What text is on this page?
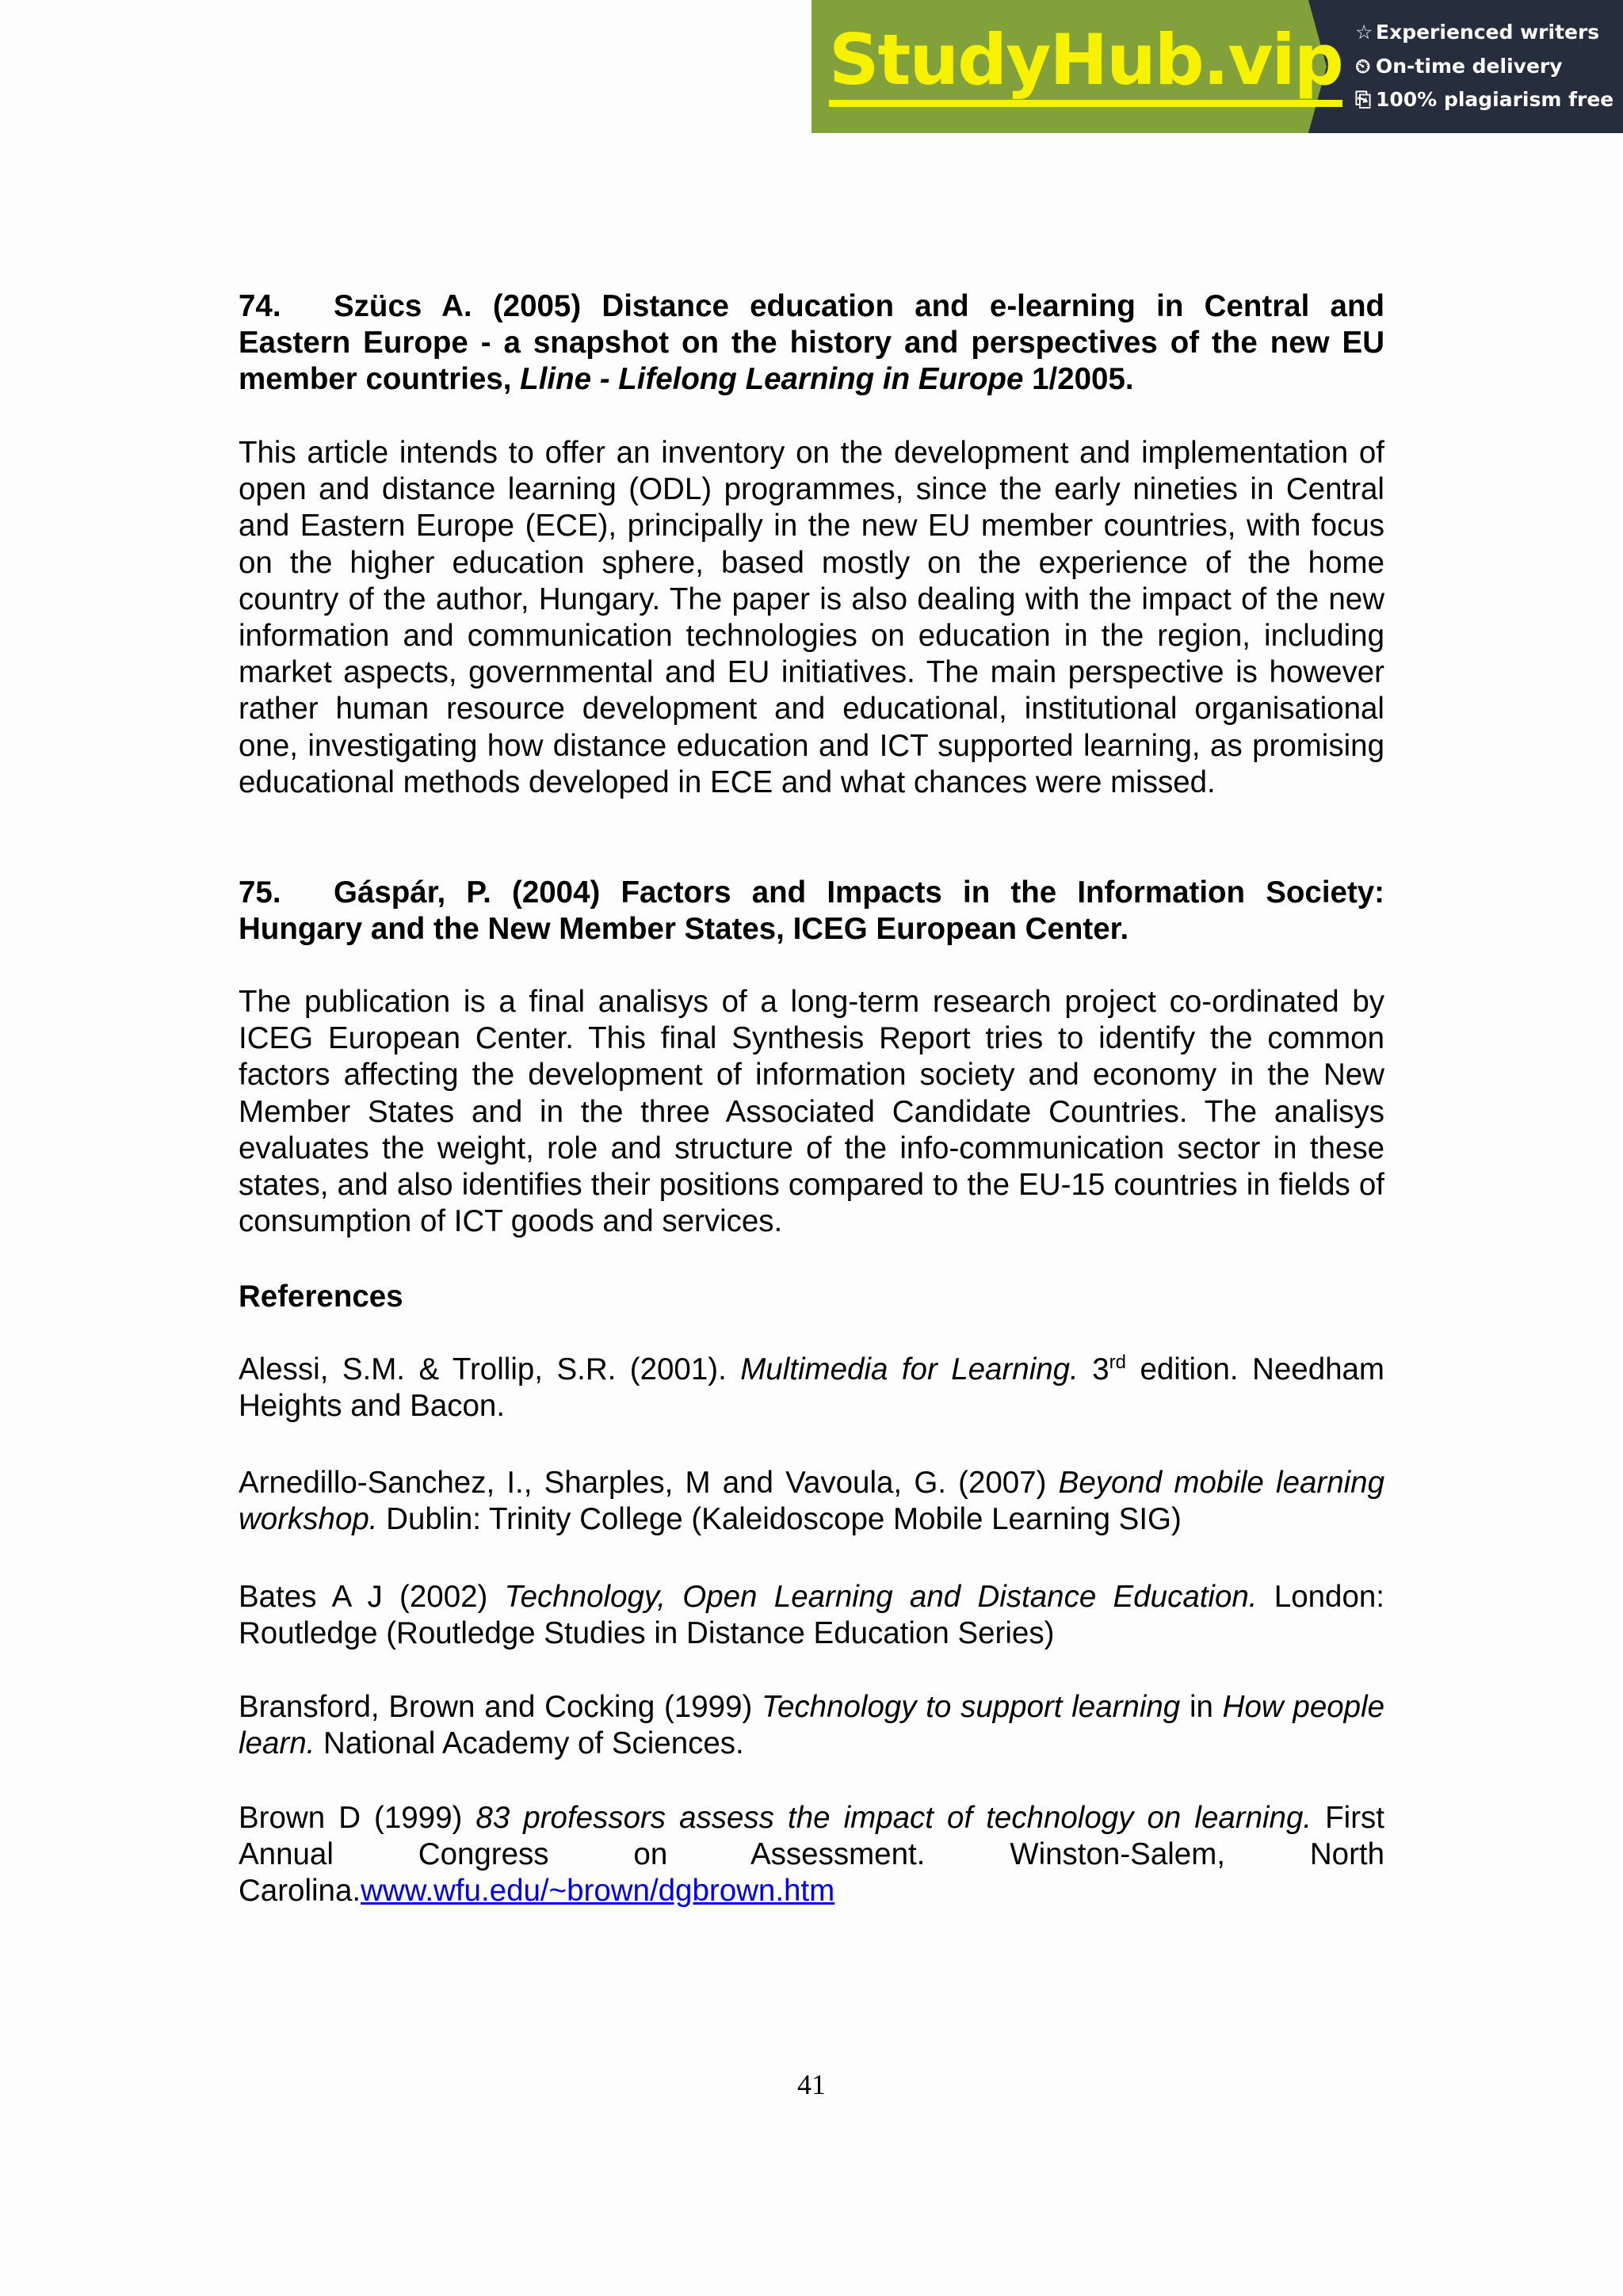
StudyHub.vip ☆ Experienced writers
⏲ On-time delivery
⎘ 100% plagiarism free
74. Szücs A. (2005) Distance education and e-learning in Central and Eastern Europe - a snapshot on the history and perspectives of the new EU member countries, Lline - Lifelong Learning in Europe 1/2005.
This article intends to offer an inventory on the development and implementation of open and distance learning (ODL) programmes, since the early nineties in Central and Eastern Europe (ECE), principally in the new EU member countries, with focus on the higher education sphere, based mostly on the experience of the home country of the author, Hungary. The paper is also dealing with the impact of the new information and communication technologies on education in the region, including market aspects, governmental and EU initiatives. The main perspective is however rather human resource development and educational, institutional organisational one, investigating how distance education and ICT supported learning, as promising educational methods developed in ECE and what chances were missed.
75. Gáspár, P. (2004) Factors and Impacts in the Information Society: Hungary and the New Member States, ICEG European Center.
The publication is a final analisys of a long-term research project co-ordinated by ICEG European Center. This final Synthesis Report tries to identify the common factors affecting the development of information society and economy in the New Member States and in the three Associated Candidate Countries. The analisys evaluates the weight, role and structure of the info-communication sector in these states, and also identifies their positions compared to the EU-15 countries in fields of consumption of ICT goods and services.
References
Alessi, S.M. & Trollip, S.R. (2001). Multimedia for Learning. 3rd edition. Needham Heights and Bacon.
Arnedillo-Sanchez, I., Sharples, M and Vavoula, G. (2007) Beyond mobile learning workshop. Dublin: Trinity College (Kaleidoscope Mobile Learning SIG)
Bates A J (2002) Technology, Open Learning and Distance Education. London: Routledge (Routledge Studies in Distance Education Series)
Bransford, Brown and Cocking (1999) Technology to support learning in How people learn. National Academy of Sciences.
Brown D (1999) 83 professors assess the impact of technology on learning. First Annual Congress on Assessment. Winston-Salem, North Carolina.www.wfu.edu/~brown/dgbrown.htm
41
